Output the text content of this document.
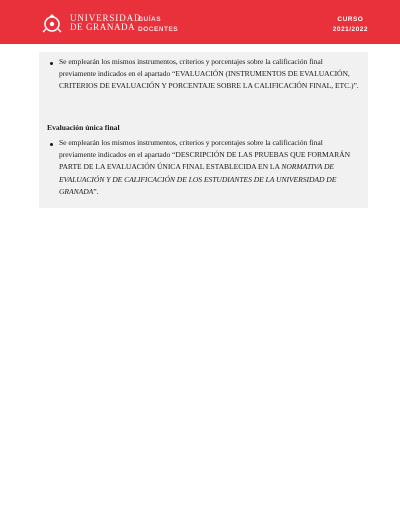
UNIVERSIDAD
DE GRANADA
GUÍAS
DOCENTES
CURSO
2021/2022
Se emplearán los mismos instrumentos, criterios y porcentajes sobre la calificación final previamente indicados en el apartado “EVALUACIÓN (INSTRUMENTOS DE EVALUACIÓN, CRITERIOS DE EVALUACIÓN Y PORCENTAJE SOBRE LA CALIFICACIÓN FINAL, ETC.)”.
Evaluación única final
Se emplearán los mismos instrumentos, criterios y porcentajes sobre la calificación final previamente indicados en el apartado “DESCRIPCIÓN DE LAS PRUEBAS QUE FORMARÁN PARTE DE LA EVALUACIÓN ÚNICA FINAL ESTABLECIDA EN LA NORMATIVA DE EVALUACIÓN Y DE CALIFICACIÓN DE LOS ESTUDIANTES DE LA UNIVERSIDAD DE GRANADA”.
